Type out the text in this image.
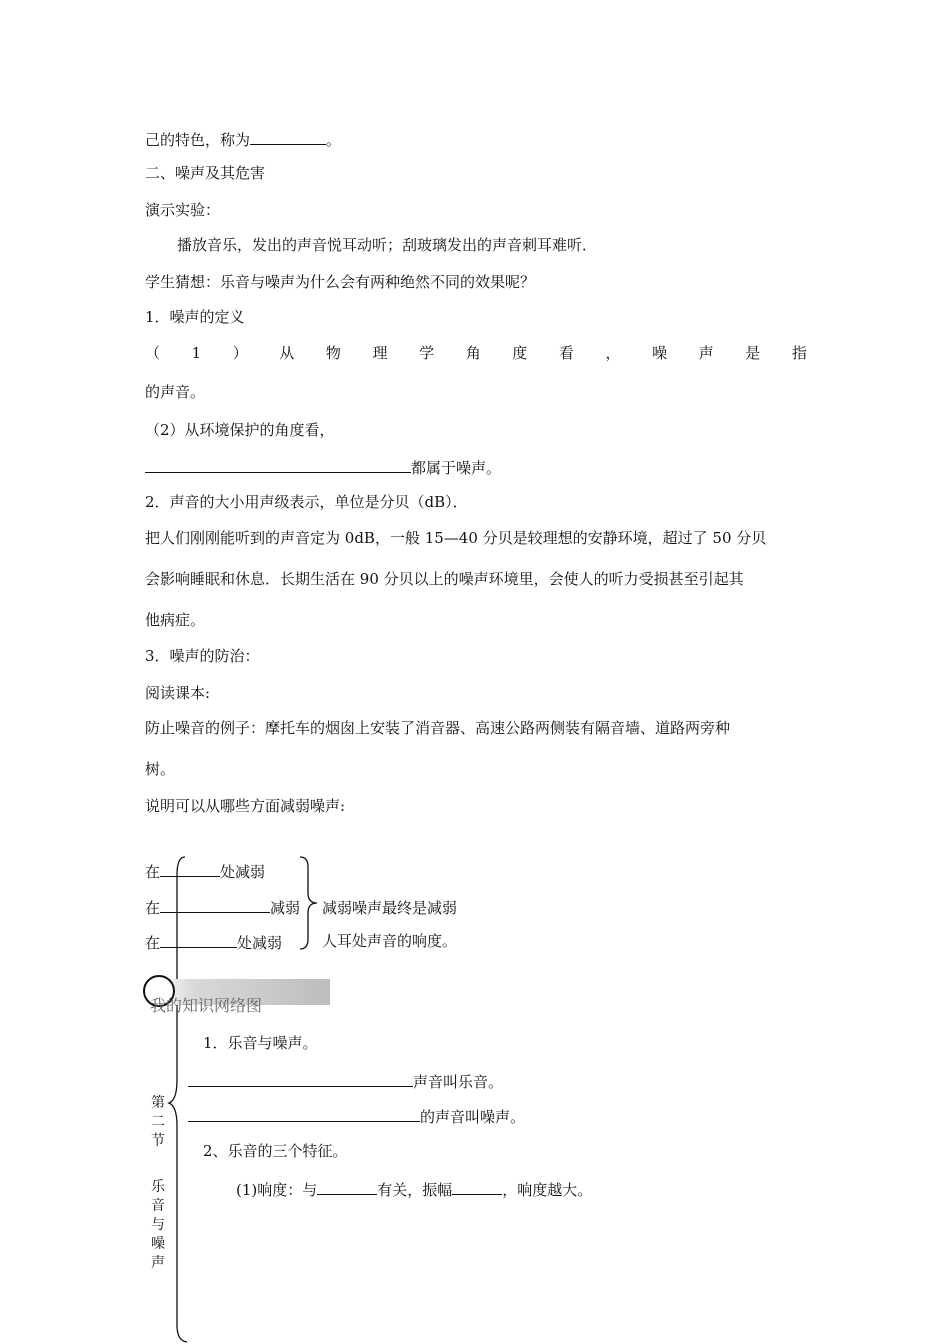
己的特色，称为	。
二、噪声及其危害
演示实验：
播放音乐，发出的声音悦耳动听；刮玻璃发出的声音刺耳难听．
学生猜想：乐音与噪声为什么会有两种绝然不同的效果呢？
1．噪声的定义
（ 1 ） 从 物 理 学 角 度 看 ， 噪 声 是 指
的声音。
（2）从环境保护的角度看，
都属于噪声。
2．声音的大小用声级表示，单位是分贝（dB）．
把人们刚刚能听到的声音定为 0dB，一般 15—40 分贝是较理想的安静环境，超过了 50 分贝
会影响睡眠和休息．长期生活在 90 分贝以上的噪声环境里，会使人的听力受损甚至引起其
他病症。
3．噪声的防治：
阅读课本:
防止噪音的例子：摩托车的烟囱上安装了消音器、高速公路两侧装有隔音墙、道路两旁种
树。
说明可以从哪些方面减弱噪声:
在	处减弱
在	减弱
在	处减弱
减弱噪声最终是减弱
人耳处声音的响度。
我的知识网络图
第
二
节
乐
音
与
噪
声
1．乐音与噪声。
声音叫乐音。
的声音叫噪声。
2、乐音的三个特征。
(1)响度：与	有关，振幅	，响度越大。
